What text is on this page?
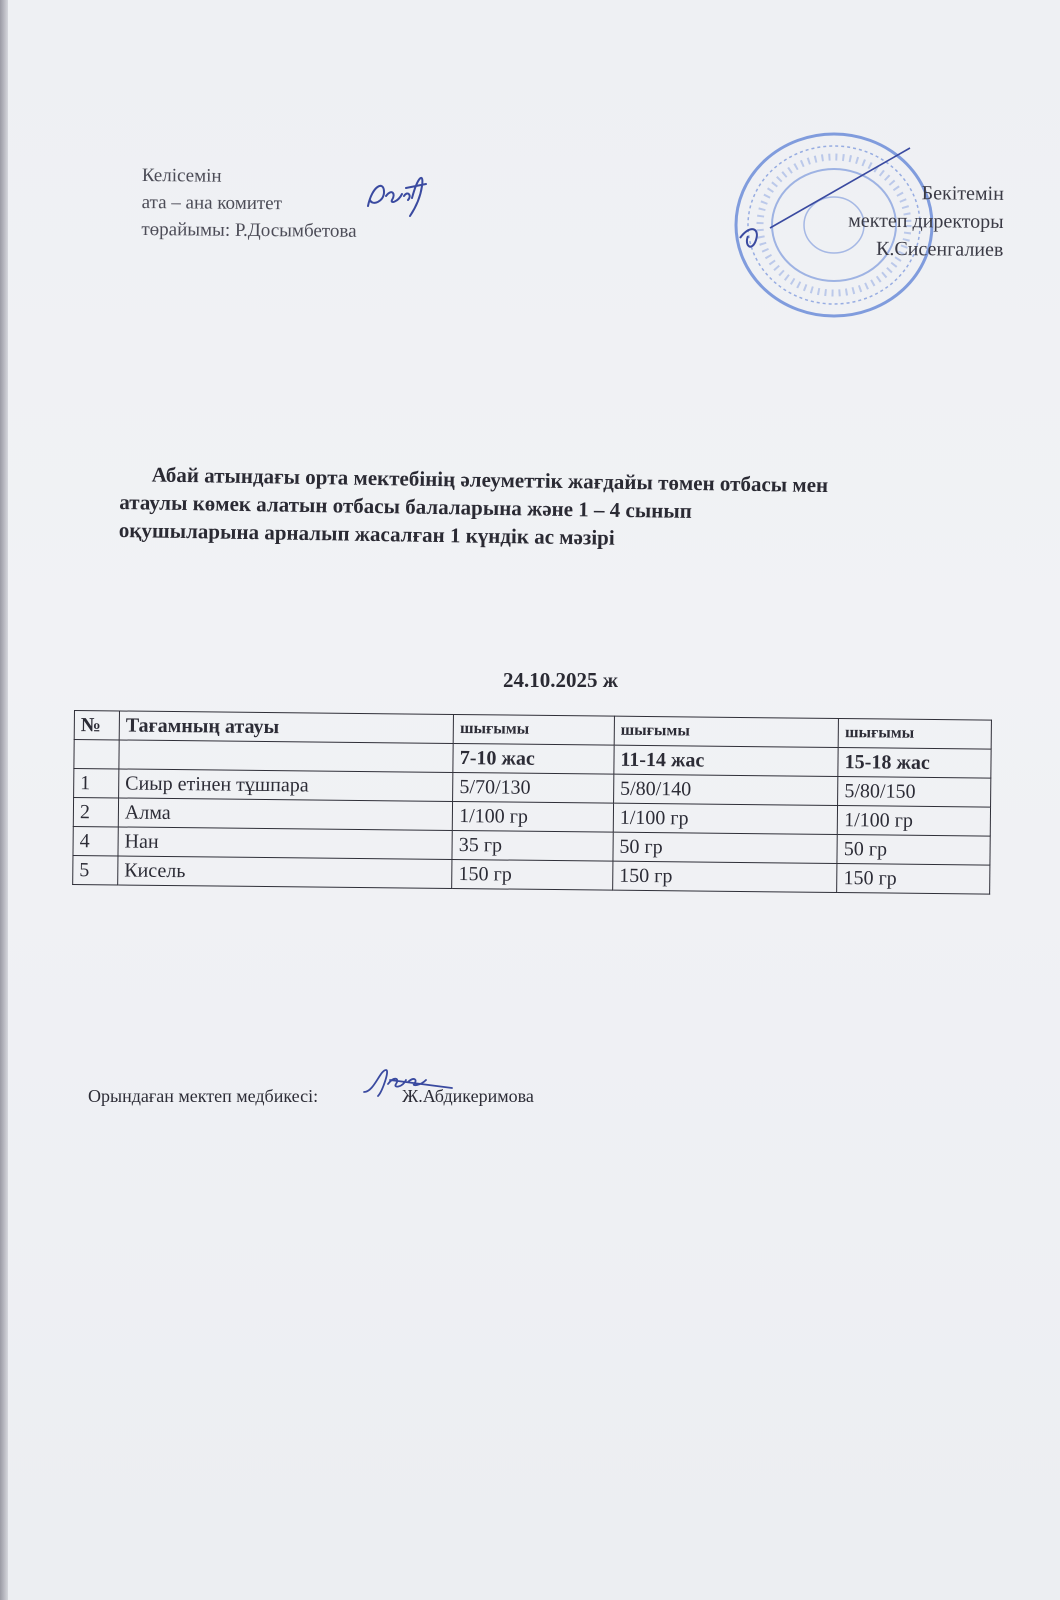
Келісемін
ата – ана комитет
төрайымы: Р.Досымбетова
Бекітемін
мектеп директоры
К.Сисенгалиев
Абай атындағы орта мектебінің әлеуметтік жағдайы төмен отбасы мен
атаулы көмек алатын отбасы балаларына және 1 – 4 сынып
оқушыларына арналып жасалған 1 күндік ас мәзірі
24.10.2025 ж
№	Тағамның атауы	шығымы	шығымы	шығымы
		7-10 жас	11-14 жас	15-18 жас
1	Сиыр етінен тұшпара	5/70/130	5/80/140	5/80/150
2	Алма	1/100 гр	1/100 гр	1/100 гр
4	Нан	35 гр	50 гр	50 гр
5	Кисель	150 гр	150 гр	150 гр
Орындаған мектеп медбикесі:	Ж.Абдикеримова
